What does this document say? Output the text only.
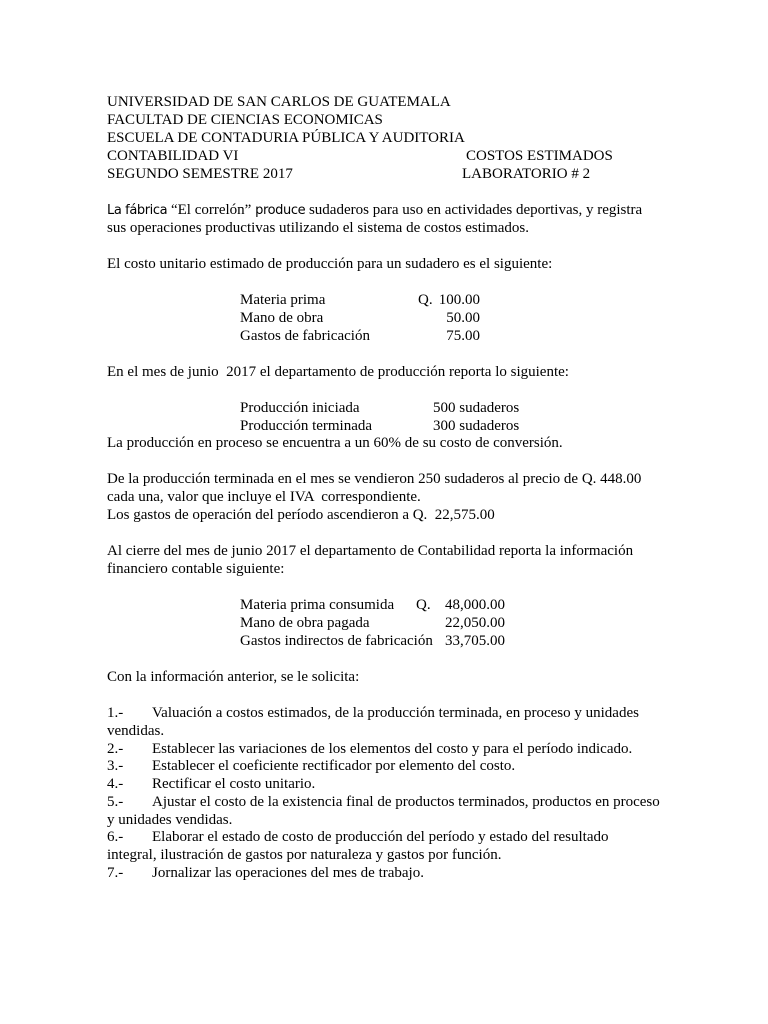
UNIVERSIDAD DE SAN CARLOS DE GUATEMALA
FACULTAD DE CIENCIAS ECONOMICAS
ESCUELA DE CONTADURIA PÚBLICA Y AUDITORIA
CONTABILIDAD VI	COSTOS ESTIMADOS
SEGUNDO SEMESTRE 2017	LABORATORIO # 2
La fábrica “El correlón” produce sudaderos para uso en actividades deportivas, y registra
sus operaciones productivas utilizando el sistema de costos estimados.
El costo unitario estimado de producción para un sudadero es el siguiente:
Materia prima	Q. 100.00
Mano de obra	50.00
Gastos de fabricación	75.00
En el mes de junio  2017 el departamento de producción reporta lo siguiente:
Producción iniciada	500 sudaderos
Producción terminada	300 sudaderos
La producción en proceso se encuentra a un 60% de su costo de conversión.
De la producción terminada en el mes se vendieron 250 sudaderos al precio de Q. 448.00
cada una, valor que incluye el IVA  correspondiente.
Los gastos de operación del período ascendieron a Q.  22,575.00
Al cierre del mes de junio 2017 el departamento de Contabilidad reporta la información
financiero contable siguiente:
Materia prima consumida Q. 48,000.00
Mano de obra pagada	22,050.00
Gastos indirectos de fabricación 33,705.00
Con la información anterior, se le solicita:
1.- Valuación a costos estimados, de la producción terminada, en proceso y unidades
vendidas.
2.- Establecer las variaciones de los elementos del costo y para el período indicado.
3.- Establecer el coeficiente rectificador por elemento del costo.
4.- Rectificar el costo unitario.
5.- Ajustar el costo de la existencia final de productos terminados, productos en proceso
y unidades vendidas.
6.- Elaborar el estado de costo de producción del período y estado del resultado
integral, ilustración de gastos por naturaleza y gastos por función.
7.- Jornalizar las operaciones del mes de trabajo.
